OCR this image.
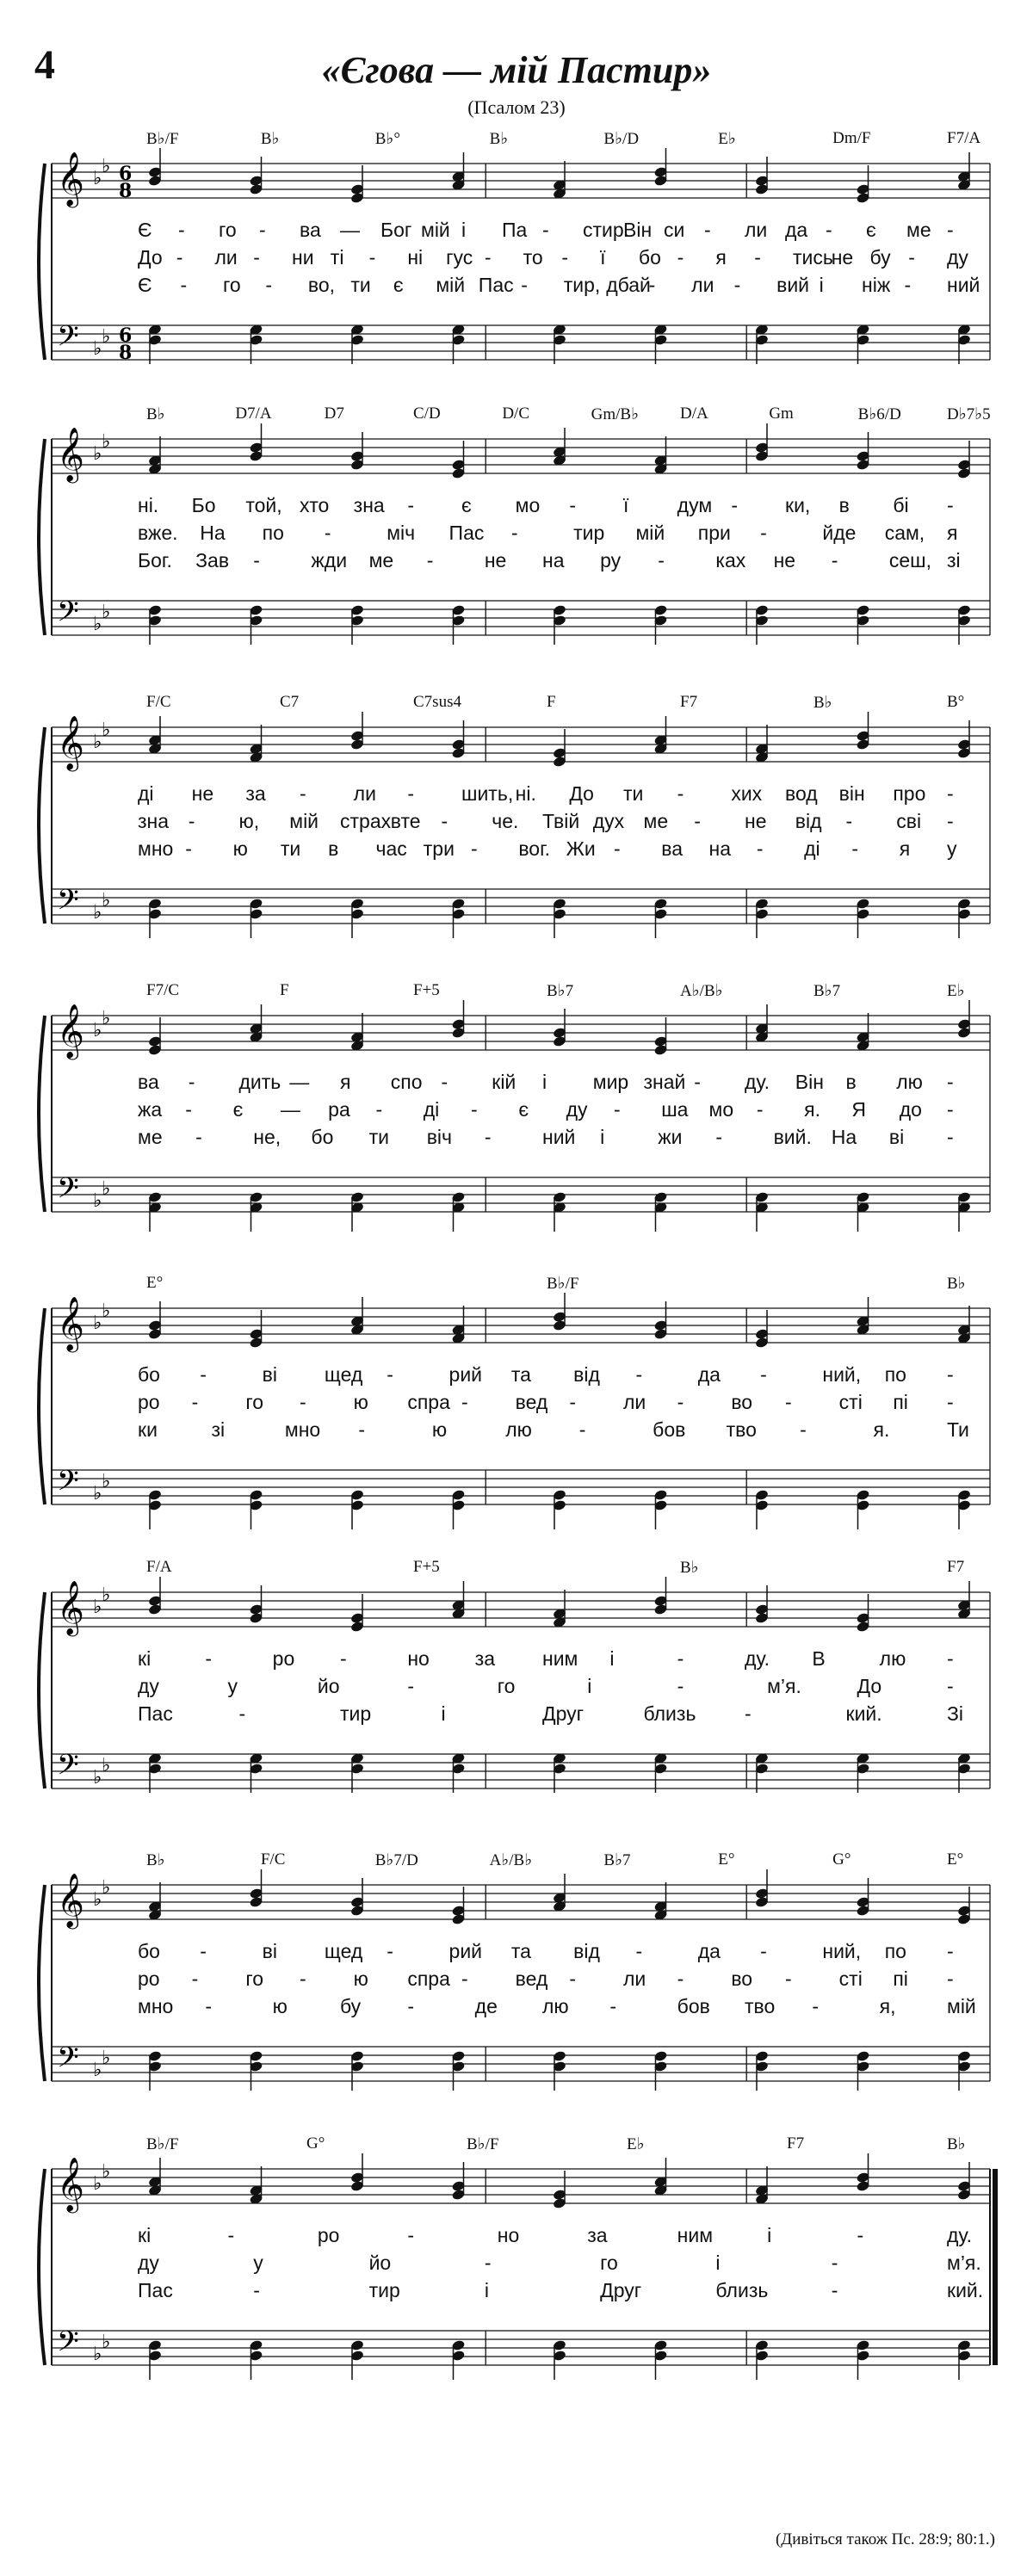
4	«Єгова — мій Пастир»
(Псалом 23)
𝄞
𝄢
♭
♭
♭
♭
6
8
6
8
B♭/F	B♭	B♭°	B♭	B♭/D	E♭	Dm/F	F7/A
Є - го - ва — Бог мій і Па - стир.
Він си - ли да - є ме -
До - ли - ни ті - ні гус - то - ї бо - я - тись
не бу - ду
Є - го - во, ти є мій Пас - тир, дбай
- ли - вий і ніж - ний
𝄞
𝄢
♭
♭
♭
♭
B♭	D7/A	D7	C/D	D/C	Gm/B♭	D/A	Gm	B♭6/D	D♭7♭5
ні. Бо той, хто зна - є мо - ї дум - ки, в бі -
вже. На по -	міч Пас -	тир мій при -	йде сам, я
Бог. Зав -	жди ме -	не на ру -	ках не -	сеш, зі
𝄞
𝄢
♭
♭
♭
♭
F/C	C7	C7sus4	F	F7	B♭	B°
ді не за - ли - шить, ні. До ти - хих вод він про -
зна - ю, мій страх вте - че. Твій дух ме - не від - сві -
мно - ю ти в час три - вог. Жи - ва на - ді - я у
𝄞
𝄢
♭
♭
♭
♭
F7/C	F	F+5	B♭7	A♭/B♭	B♭7	E♭
ва - дить — я спо - кій і мир знай - ду. Він в лю -
жа - є — ра - ді - є ду - ша мо - я. Я до -
ме -	не, бо ти віч -	ний і	жи -	вий. На ві -
𝄞
𝄢
♭
♭
♭
♭
E°	B♭/F	B♭
бо -	ві щед -	рий та від -	да -	ний, по -
ро - го - ю спра - вед - ли - во - сті пі -
ки	зі	мно -	ю	лю -	бов тво -	я.	Ти
𝄞
𝄢
♭
♭
♭
♭
F/A	F+5	B♭	F7
кі	-	ро -	но за ним і	-	ду. В	лю -
ду	у	йо	-	го	і	-	м’я.	До	-
Пас	-	тир	і	Друг	близь -	кий.	Зі
𝄞
𝄢
♭
♭
♭
♭
B♭	F/C	B♭7/D	A♭/B♭	B♭7	E°	G°	E°
бо -	ві щед -	рий та від -	да -	ний, по -
ро - го - ю спра - вед - ли - во - сті пі -
мно -	ю	бу -	де лю -	бов тво -	я,	мій
𝄞
𝄢
♭
♭
♭
♭
B♭/F	G°	B♭/F	E♭	F7	B♭
кі	-	ро	-	но	за	ним	і	-	ду.
ду	у	йо	-	го	і	-	м’я.
Пас	-	тир	і	Друг	близь	-	кий.
(Дивіться також Пс. 28:9; 80:1.)
